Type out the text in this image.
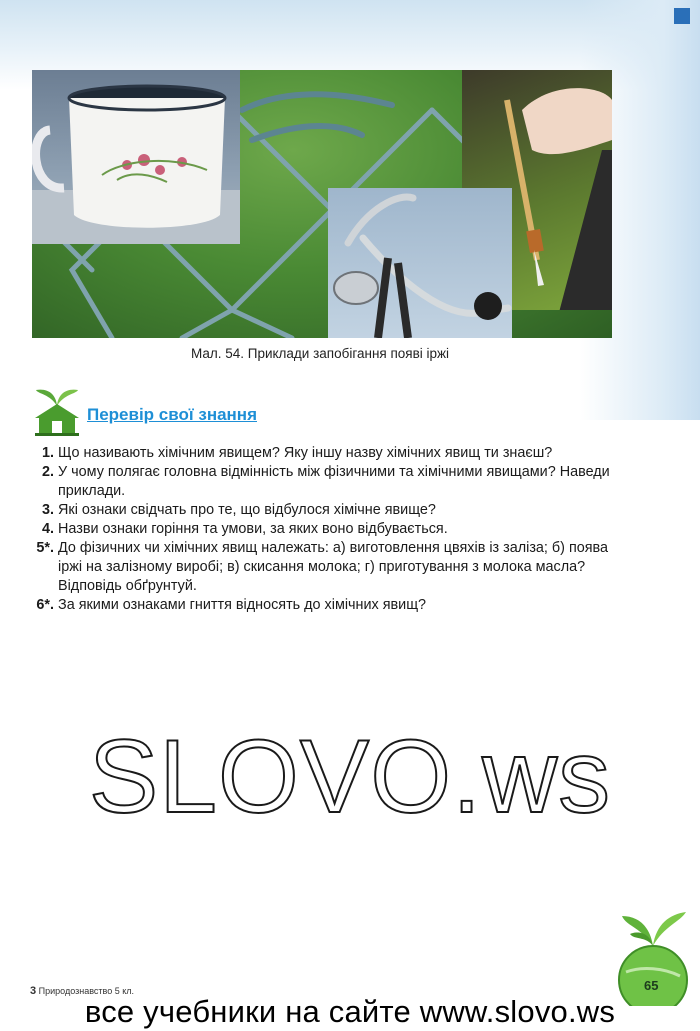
Мал. 54. Приклади запобігання появі іржі
Перевір свої знання
1. Що називають хімічним явищем? Яку іншу назву хімічних явищ ти знаєш?
2. У чому полягає головна відмінність між фізичними та хімічними явищами? Наведи приклади.
3. Які ознаки свідчать про те, що відбулося хімічне явище?
4. Назви ознаки горіння та умови, за яких воно відбувається.
5*. До фізичних чи хімічних явищ належать: а) виготовлення цвяхів із заліза; б) поява іржі на залізному виробі; в) скисання молока; г) приготування з молока масла? Відповідь обґрунтуй.
6*. За якими ознаками гниття відносять до хімічних явищ?
SLOVO.ws
3 Природознавство 5 кл.	65
все учебники на сайте www.slovo.ws
